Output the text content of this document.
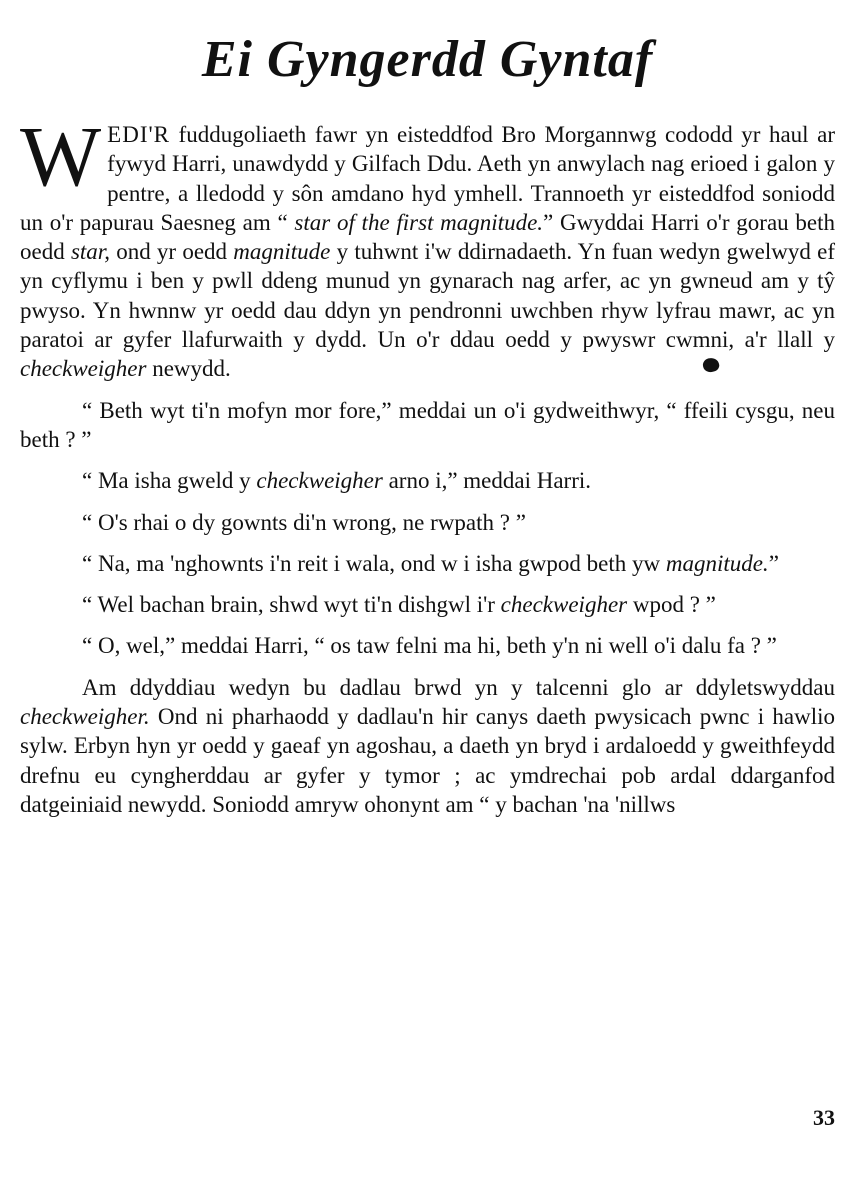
Ei Gyngerdd Gyntaf

WEDI'R fuddugoliaeth fawr yn eisteddfod Bro Morgannwg cododd yr haul ar fywyd Harri, unawdydd y Gilfach Ddu. Aeth yn anwylach nag erioed i galon y pentre, a lledodd y sôn amdano hyd ymhell. Trannoeth yr eisteddfod soniodd un o'r papurau Saesneg am “ star of the first magnitude.” Gwyddai Harri o'r gorau beth oedd star, ond yr oedd magnitude y tuhwnt i'w ddirnadaeth. Yn fuan wedyn gwelwyd ef yn cyflymu i ben y pwll ddeng munud yn gynarach nag arfer, ac yn gwneud am y tŷ pwyso. Yn hwnnw yr oedd dau ddyn yn pendronni uwchben rhyw lyfrau mawr, ac yn paratoi ar gyfer llafurwaith y dydd. Un o'r ddau oedd y pwyswr cwmni, a'r llall y checkweigher newydd.

“ Beth wyt ti'n mofyn mor fore,” meddai un o'i gydweithwyr, “ ffeili cysgu, neu beth ? ”

“ Ma isha gweld y checkweigher arno i,” meddai Harri.

“ O's rhai o dy gownts di'n wrong, ne rwpath ? ”

“ Na, ma 'nghownts i'n reit i wala, ond w i isha gwpod beth yw magnitude.”

“ Wel bachan brain, shwd wyt ti'n dishgwl i'r checkweigher wpod ? ”

“ O, wel,” meddai Harri, “ os taw felni ma hi, beth y'n ni well o'i dalu fa ? ”

Am ddyddiau wedyn bu dadlau brwd yn y talcenni glo ar ddyletswyddau checkweigher. Ond ni pharhaodd y dadlau'n hir canys daeth pwysicach pwnc i hawlio sylw. Erbyn hyn yr oedd y gaeaf yn agoshau, a daeth yn bryd i ardaloedd y gweithfeydd drefnu eu cyngherddau ar gyfer y tymor ; ac ymdrechai pob ardal ddarganfod datgeiniaid newydd. Soniodd amryw ohonynt am “ y bachan 'na 'nillws

33
